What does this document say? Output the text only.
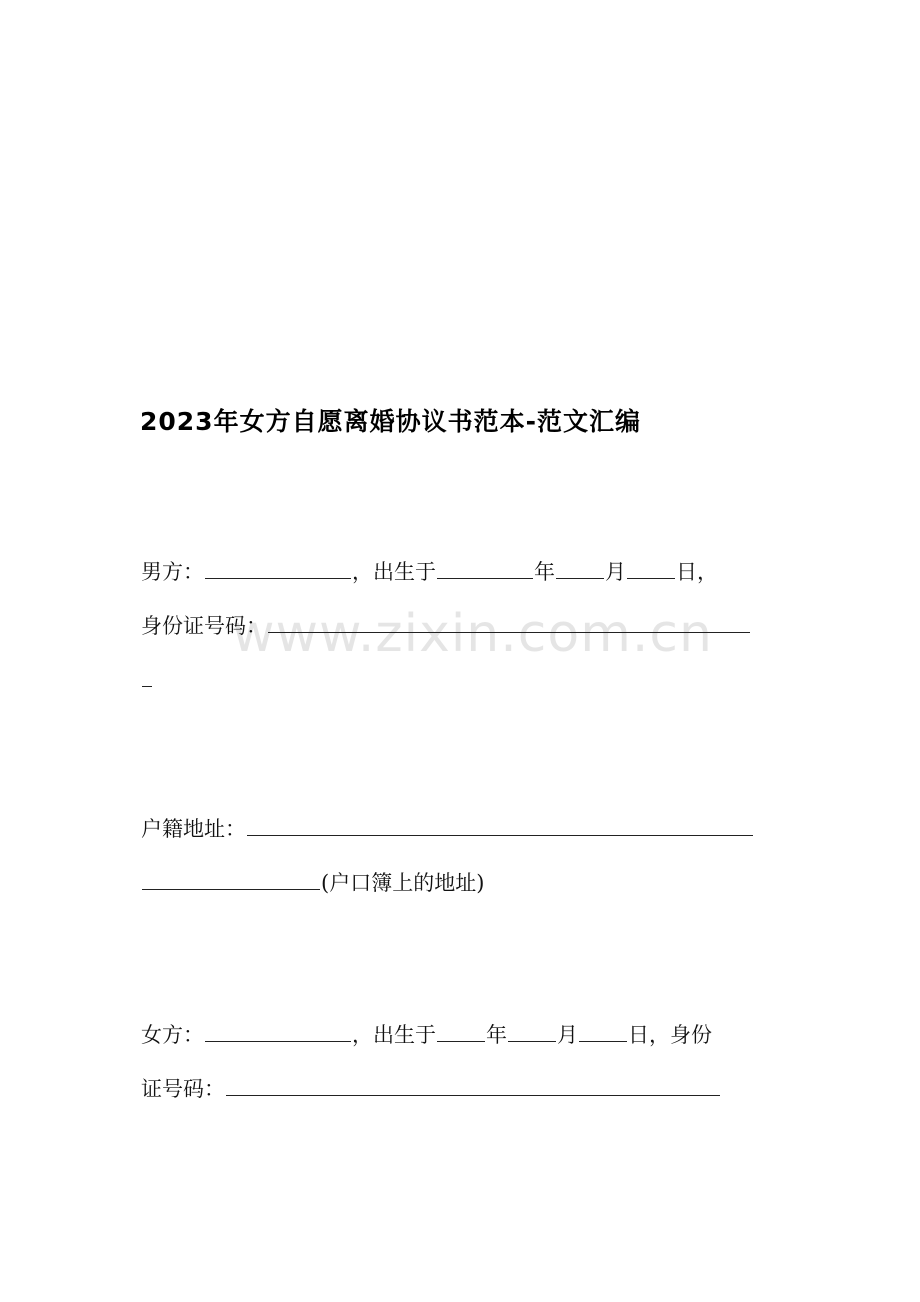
www.zixin.com.cn
2023年女方自愿离婚协议书范本-范文汇编
男方：	，出生于	年 月 日，
身份证号码：
户籍地址：
(户口簿上的地址)
女方：	，出生于 年 月 日，身份
证号码：
